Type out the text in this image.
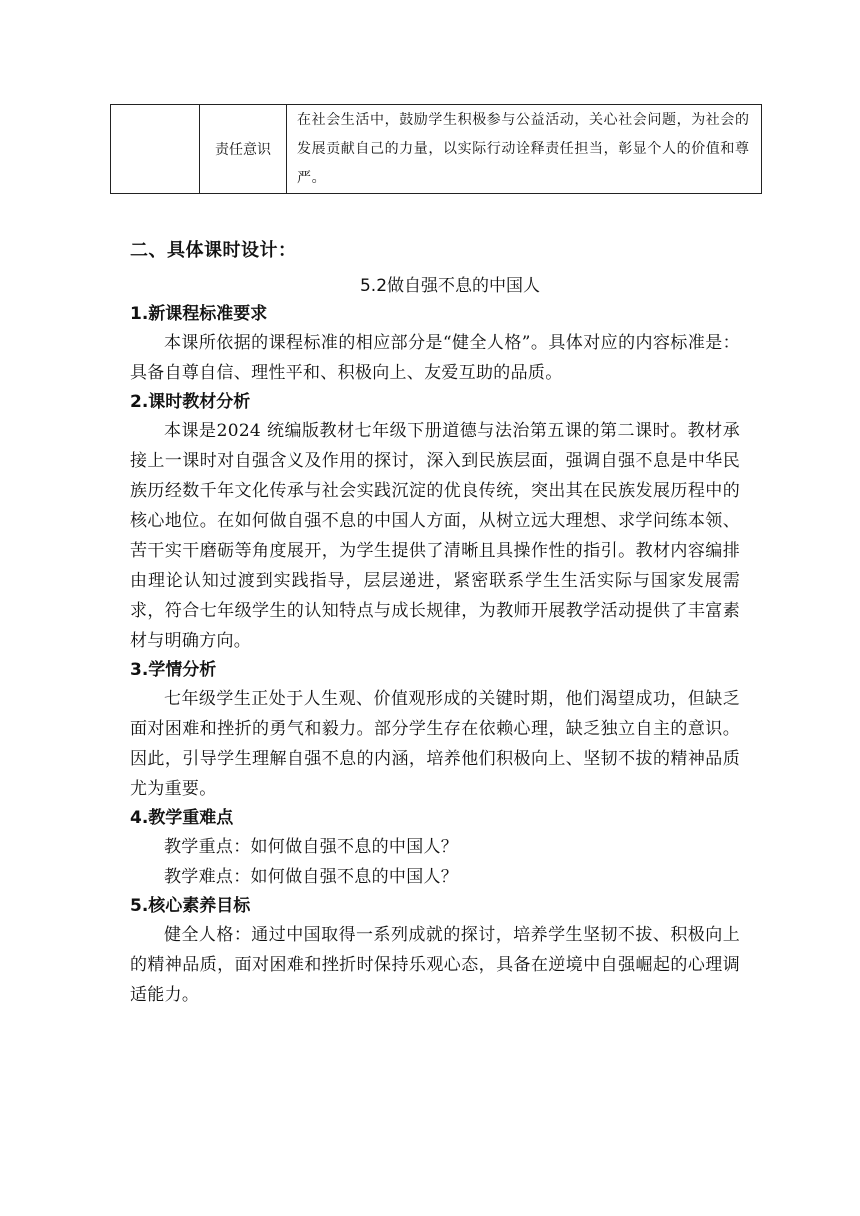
	责任意识	在社会生活中，鼓励学生积极参与公益活动，关心社会问题，为社会的发展贡献自己的力量，以实际行动诠释责任担当，彰显个人的价值和尊严。
二、具体课时设计：
5.2做自强不息的中国人

1.新课程标准要求

本课所依据的课程标准的相应部分是“健全人格”。具体对应的内容标准是：具备自尊自信、理性平和、积极向上、友爱互助的品质。

2.课时教材分析

本课是2024 统编版教材七年级下册道德与法治第五课的第二课时。教材承接上一课时对自强含义及作用的探讨，深入到民族层面，强调自强不息是中华民族历经数千年文化传承与社会实践沉淀的优良传统，突出其在民族发展历程中的核心地位。在如何做自强不息的中国人方面，从树立远大理想、求学问练本领、苦干实干磨砺等角度展开，为学生提供了清晰且具操作性的指引。教材内容编排由理论认知过渡到实践指导，层层递进，紧密联系学生生活实际与国家发展需求，符合七年级学生的认知特点与成长规律，为教师开展教学活动提供了丰富素材与明确方向。

3.学情分析

七年级学生正处于人生观、价值观形成的关键时期，他们渴望成功，但缺乏面对困难和挫折的勇气和毅力。部分学生存在依赖心理，缺乏独立自主的意识。因此，引导学生理解自强不息的内涵，培养他们积极向上、坚韧不拔的精神品质尤为重要。

4.教学重难点

教学重点：如何做自强不息的中国人？

教学难点：如何做自强不息的中国人？

5.核心素养目标

健全人格：通过中国取得一系列成就的探讨，培养学生坚韧不拔、积极向上的精神品质，面对困难和挫折时保持乐观心态，具备在逆境中自强崛起的心理调适能力。
